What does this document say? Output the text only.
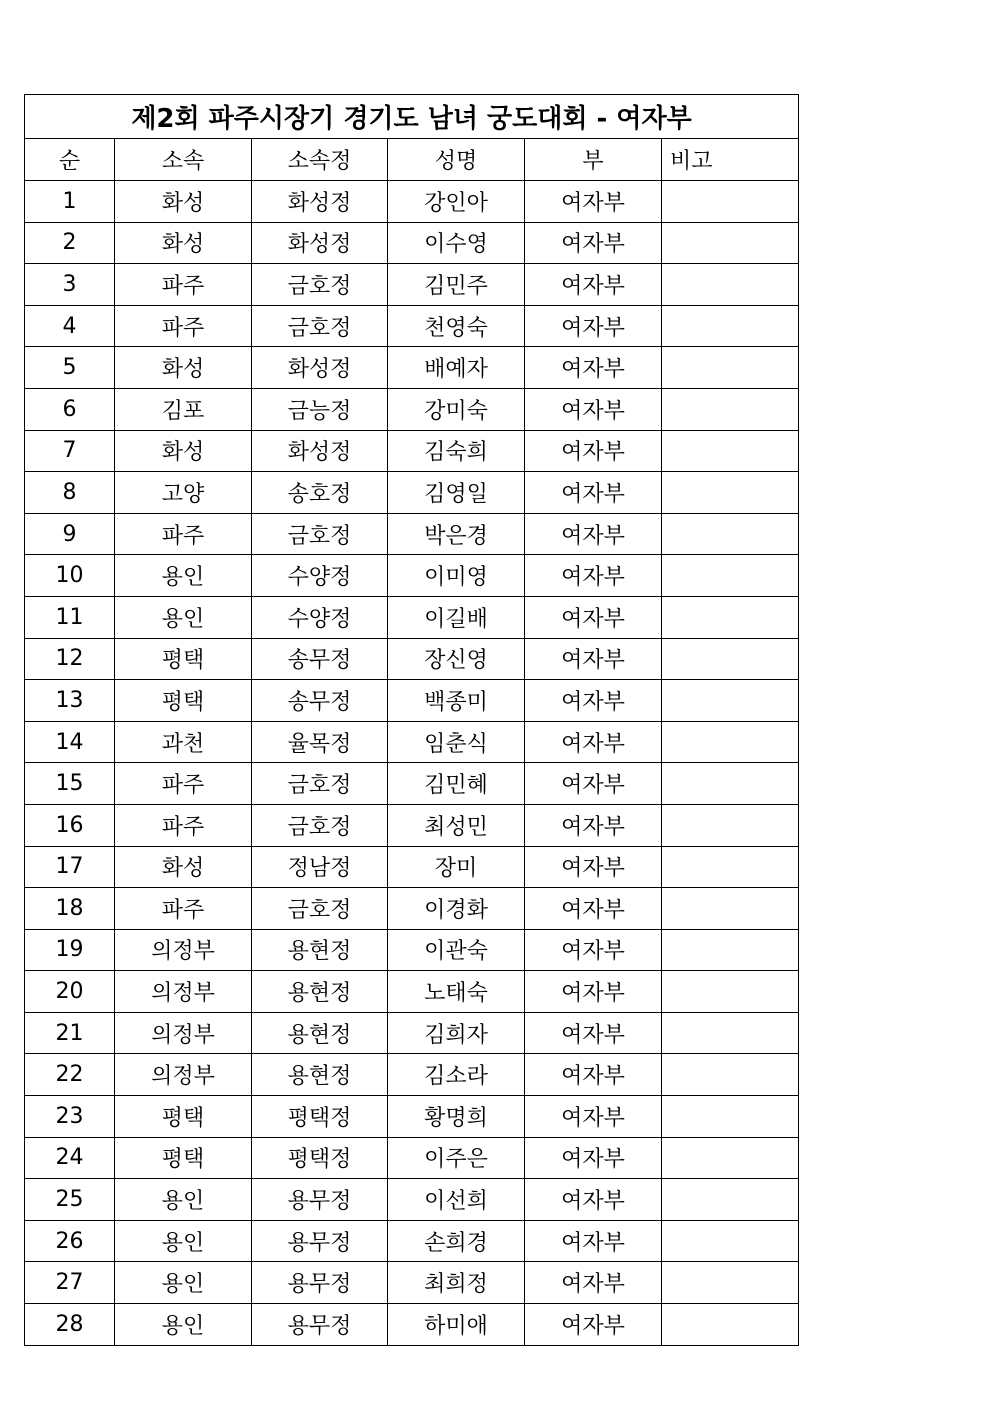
제2회 파주시장기 경기도 남녀 궁도대회 - 여자부					
순	소속	소속정	성명	부	비고
1	화성	화성정	강인아	여자부	
2	화성	화성정	이수영	여자부	
3	파주	금호정	김민주	여자부	
4	파주	금호정	천영숙	여자부	
5	화성	화성정	배예자	여자부	
6	김포	금능정	강미숙	여자부	
7	화성	화성정	김숙희	여자부	
8	고양	송호정	김영일	여자부	
9	파주	금호정	박은경	여자부	
10	용인	수양정	이미영	여자부	
11	용인	수양정	이길배	여자부	
12	평택	송무정	장신영	여자부	
13	평택	송무정	백종미	여자부	
14	과천	율목정	임춘식	여자부	
15	파주	금호정	김민혜	여자부	
16	파주	금호정	최성민	여자부	
17	화성	정남정	장미	여자부	
18	파주	금호정	이경화	여자부	
19	의정부	용현정	이관숙	여자부	
20	의정부	용현정	노태숙	여자부	
21	의정부	용현정	김희자	여자부	
22	의정부	용현정	김소라	여자부	
23	평택	평택정	황명희	여자부	
24	평택	평택정	이주은	여자부	
25	용인	용무정	이선희	여자부	
26	용인	용무정	손희경	여자부	
27	용인	용무정	최희정	여자부	
28	용인	용무정	하미애	여자부	
